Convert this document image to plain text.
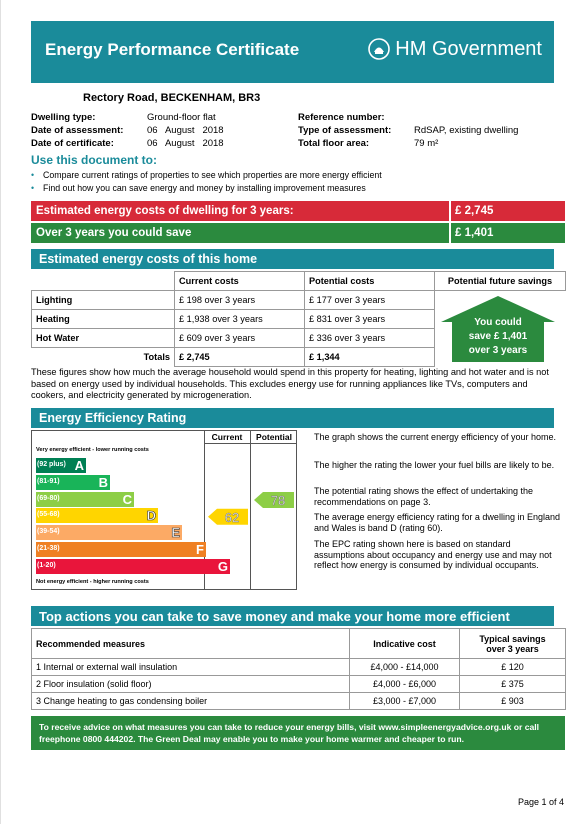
Energy Performance Certificate	HM Government
Rectory Road, BECKENHAM, BR3
Dwelling type:	Ground-floor flat
Date of assessment: 06   August   2018
Date of certificate:	06   August   2018
Reference number:
Type of assessment: RdSAP, existing dwelling
Total floor area:	79 m²
Use this document to:
•	Compare current ratings of properties to see which properties are more energy efficient
•	Find out how you can save energy and money by installing improvement measures
Estimated energy costs of dwelling for 3 years:	£ 2,745
Over 3 years you could save	£ 1,401
Estimated energy costs of this home
	Current costs	Potential costs	Potential future savings
Lighting	£ 198 over 3 years	£ 177 over 3 years	
Heating	£ 1,938 over 3 years	£ 831 over 3 years	
Hot Water	£ 609 over 3 years	£ 336 over 3 years	
Totals	£ 2,745	£ 1,344	
You could
save £ 1,401
over 3 years
These figures show how much the average household would spend in this property for heating, lighting and hot water and is not based on energy used by individual households. This excludes energy use for running appliances like TVs, computers and cookers, and electricity generated by microgeneration.
Energy Efficiency Rating
Current	Potential
Very energy efficient - lower running costs
Not energy efficient - higher running costs
(92 plus) A
(81-91)	B
(69-80)	C
(55-68)	D
(39-54)	E
(21-38)	F
(1-20)	G
62
78
The graph shows the current energy efficiency of your home.
The higher the rating the lower your fuel bills are likely to be.
The potential rating shows the effect of undertaking the recommendations on page 3.
The average energy efficiency rating for a dwelling in England and Wales is band D (rating 60).
The EPC rating shown here is based on standard assumptions about occupancy and energy use and may not reflect how energy is consumed by individual occupants.
Top actions you can take to save money and make your home more efficient
Recommended measures	Indicative cost	Typical savings over 3 years
1 Internal or external wall insulation	£4,000 - £14,000	£ 120
2 Floor insulation (solid floor)	£4,000 - £6,000	£ 375
3 Change heating to gas condensing boiler	£3,000 - £7,000	£ 903
To receive advice on what measures you can take to reduce your energy bills, visit www.simpleenergyadvice.org.uk or call freephone 0800 444202. The Green Deal may enable you to make your home warmer and cheaper to run.
Page 1 of 4
